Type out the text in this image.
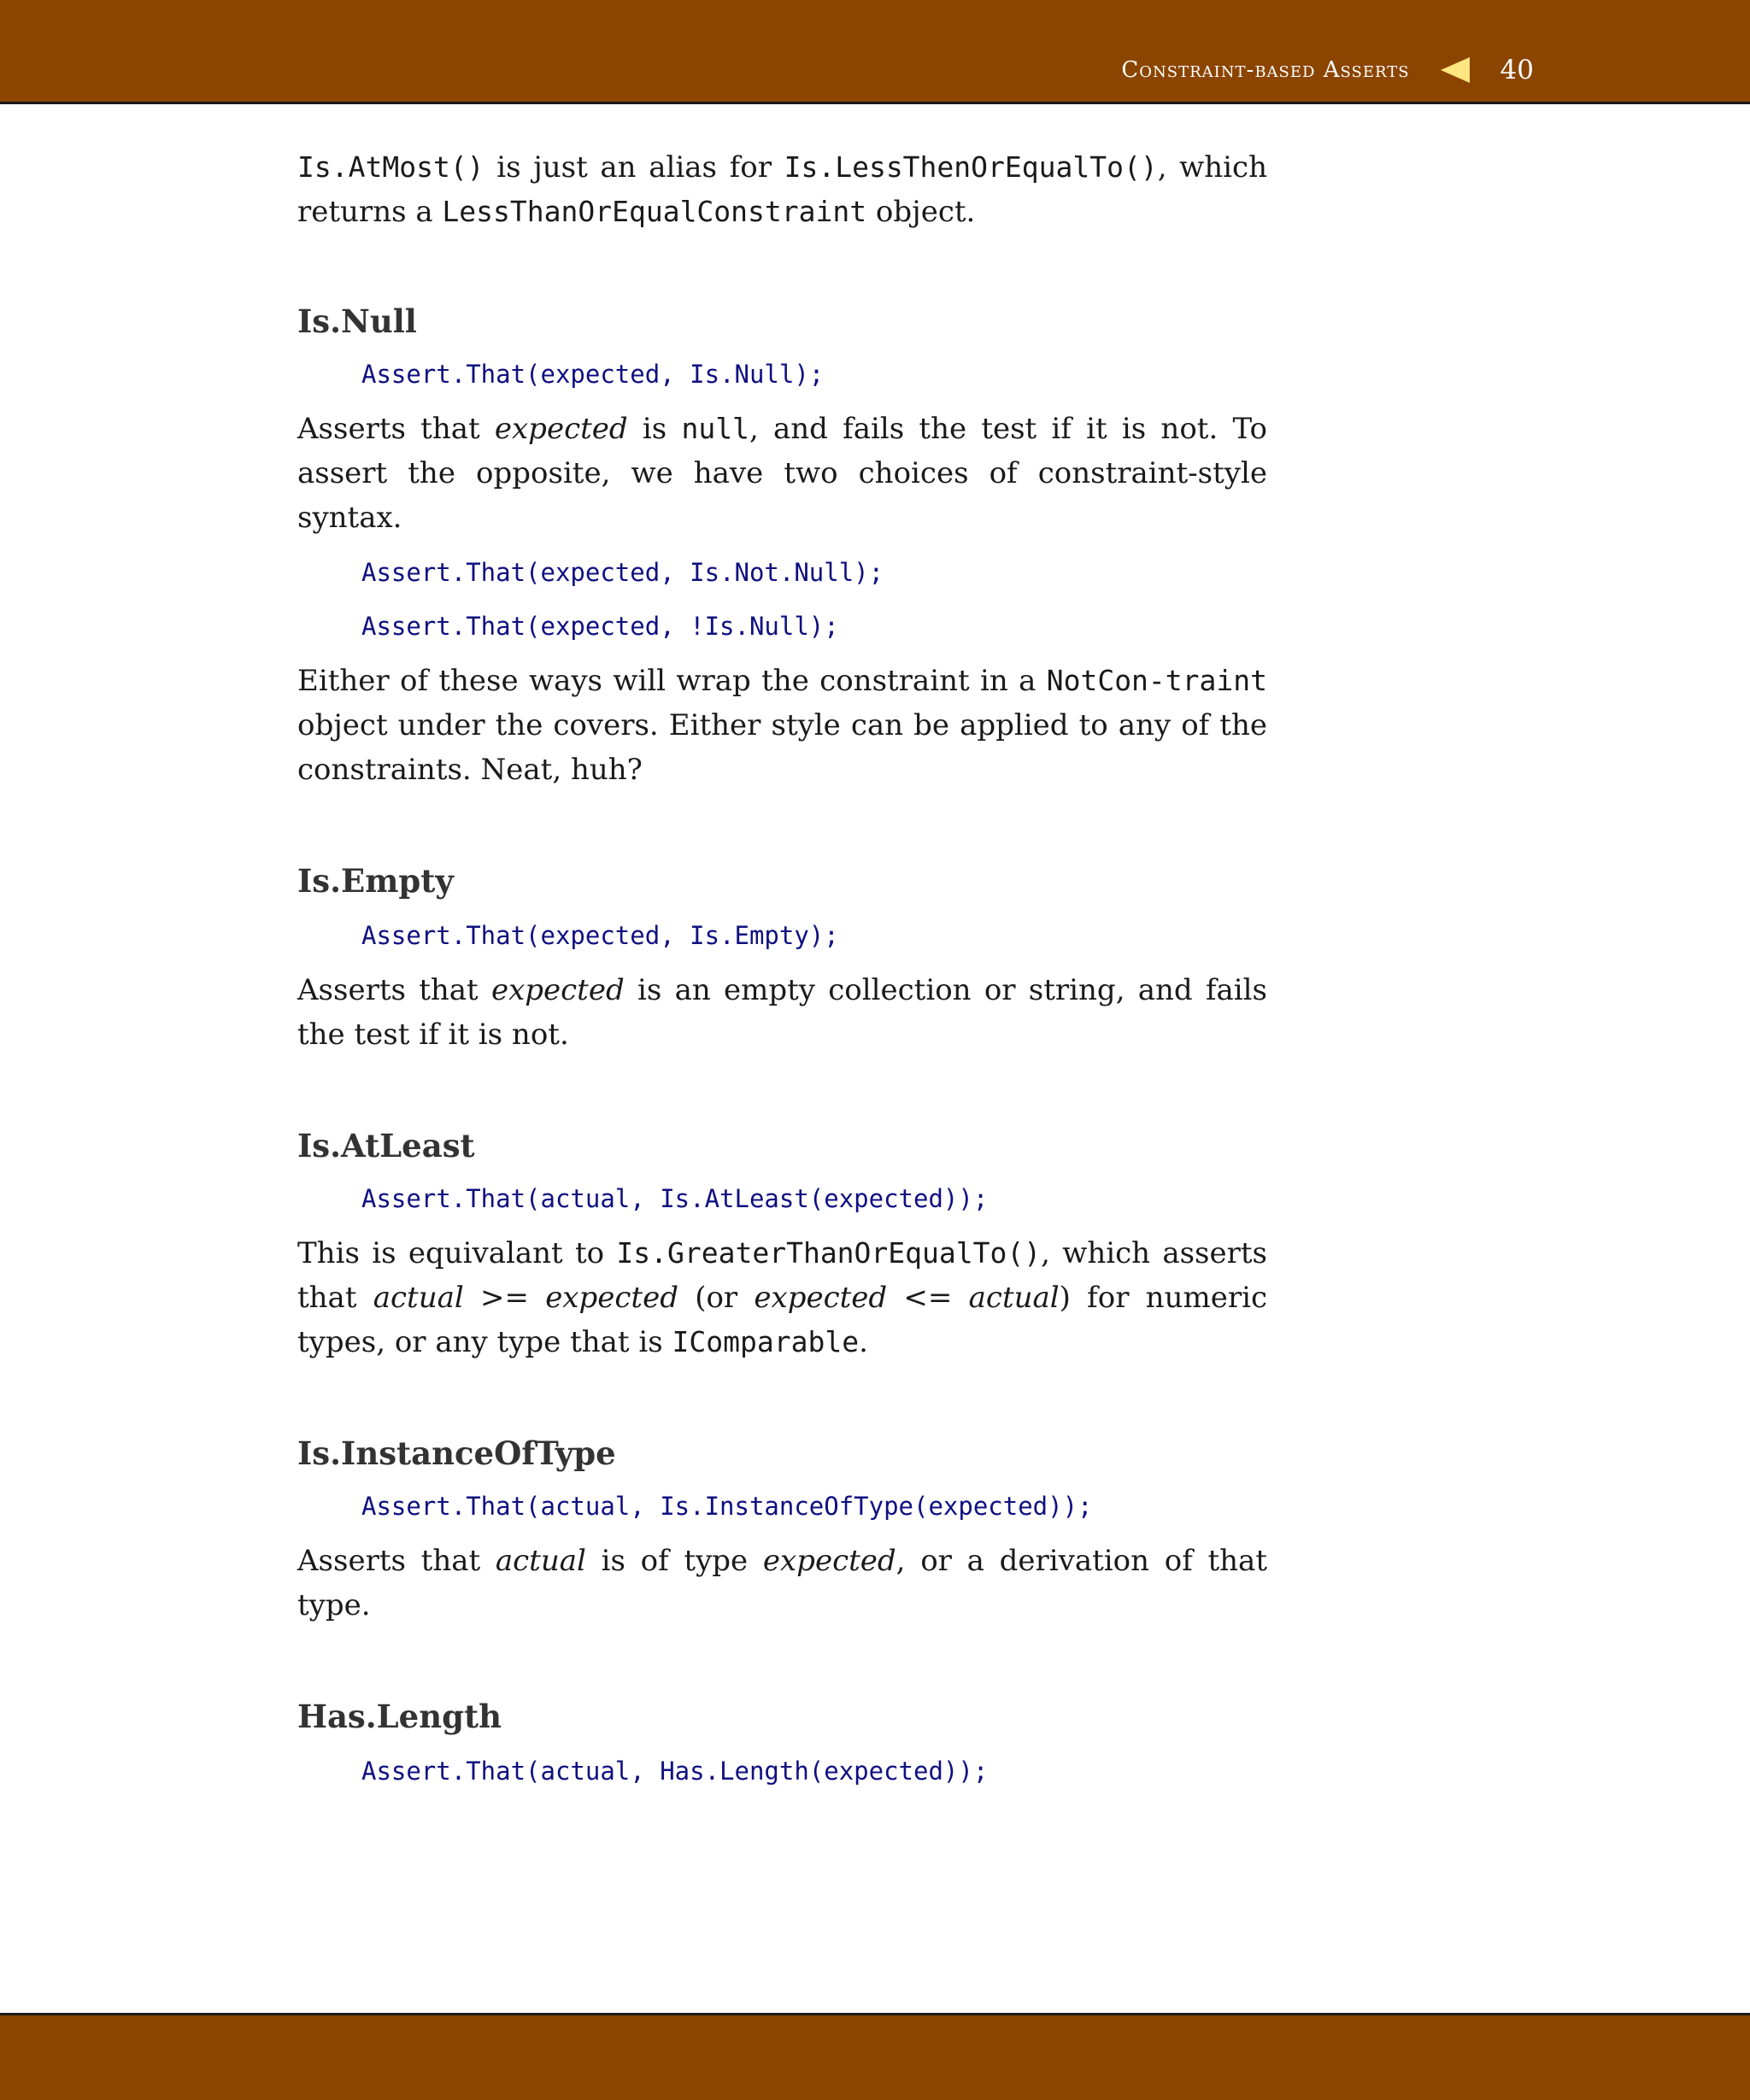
Constraint-based Asserts	40

Is.AtMost() is just an alias for Is.LessThenOrEqualTo(), which returns a LessThanOrEqualConstraint object.

Is.Null
Assert.That(expected, Is.Null);

Asserts that expected is null, and fails the test if it is not. To assert the opposite, we have two choices of constraint-style syntax.

Assert.That(expected, Is.Not.Null);
Assert.That(expected, !Is.Null);

Either of these ways will wrap the constraint in a NotCon-traint object under the covers. Either style can be applied to any of the constraints. Neat, huh?

Is.Empty
Assert.That(expected, Is.Empty);

Asserts that expected is an empty collection or string, and fails the test if it is not.

Is.AtLeast
Assert.That(actual, Is.AtLeast(expected));

This is equivalant to Is.GreaterThanOrEqualTo(), which asserts that actual >= expected (or expected <= actual) for numeric types, or any type that is IComparable.

Is.InstanceOfType
Assert.That(actual, Is.InstanceOfType(expected));

Asserts that actual is of type expected, or a derivation of that type.

Has.Length
Assert.That(actual, Has.Length(expected));
